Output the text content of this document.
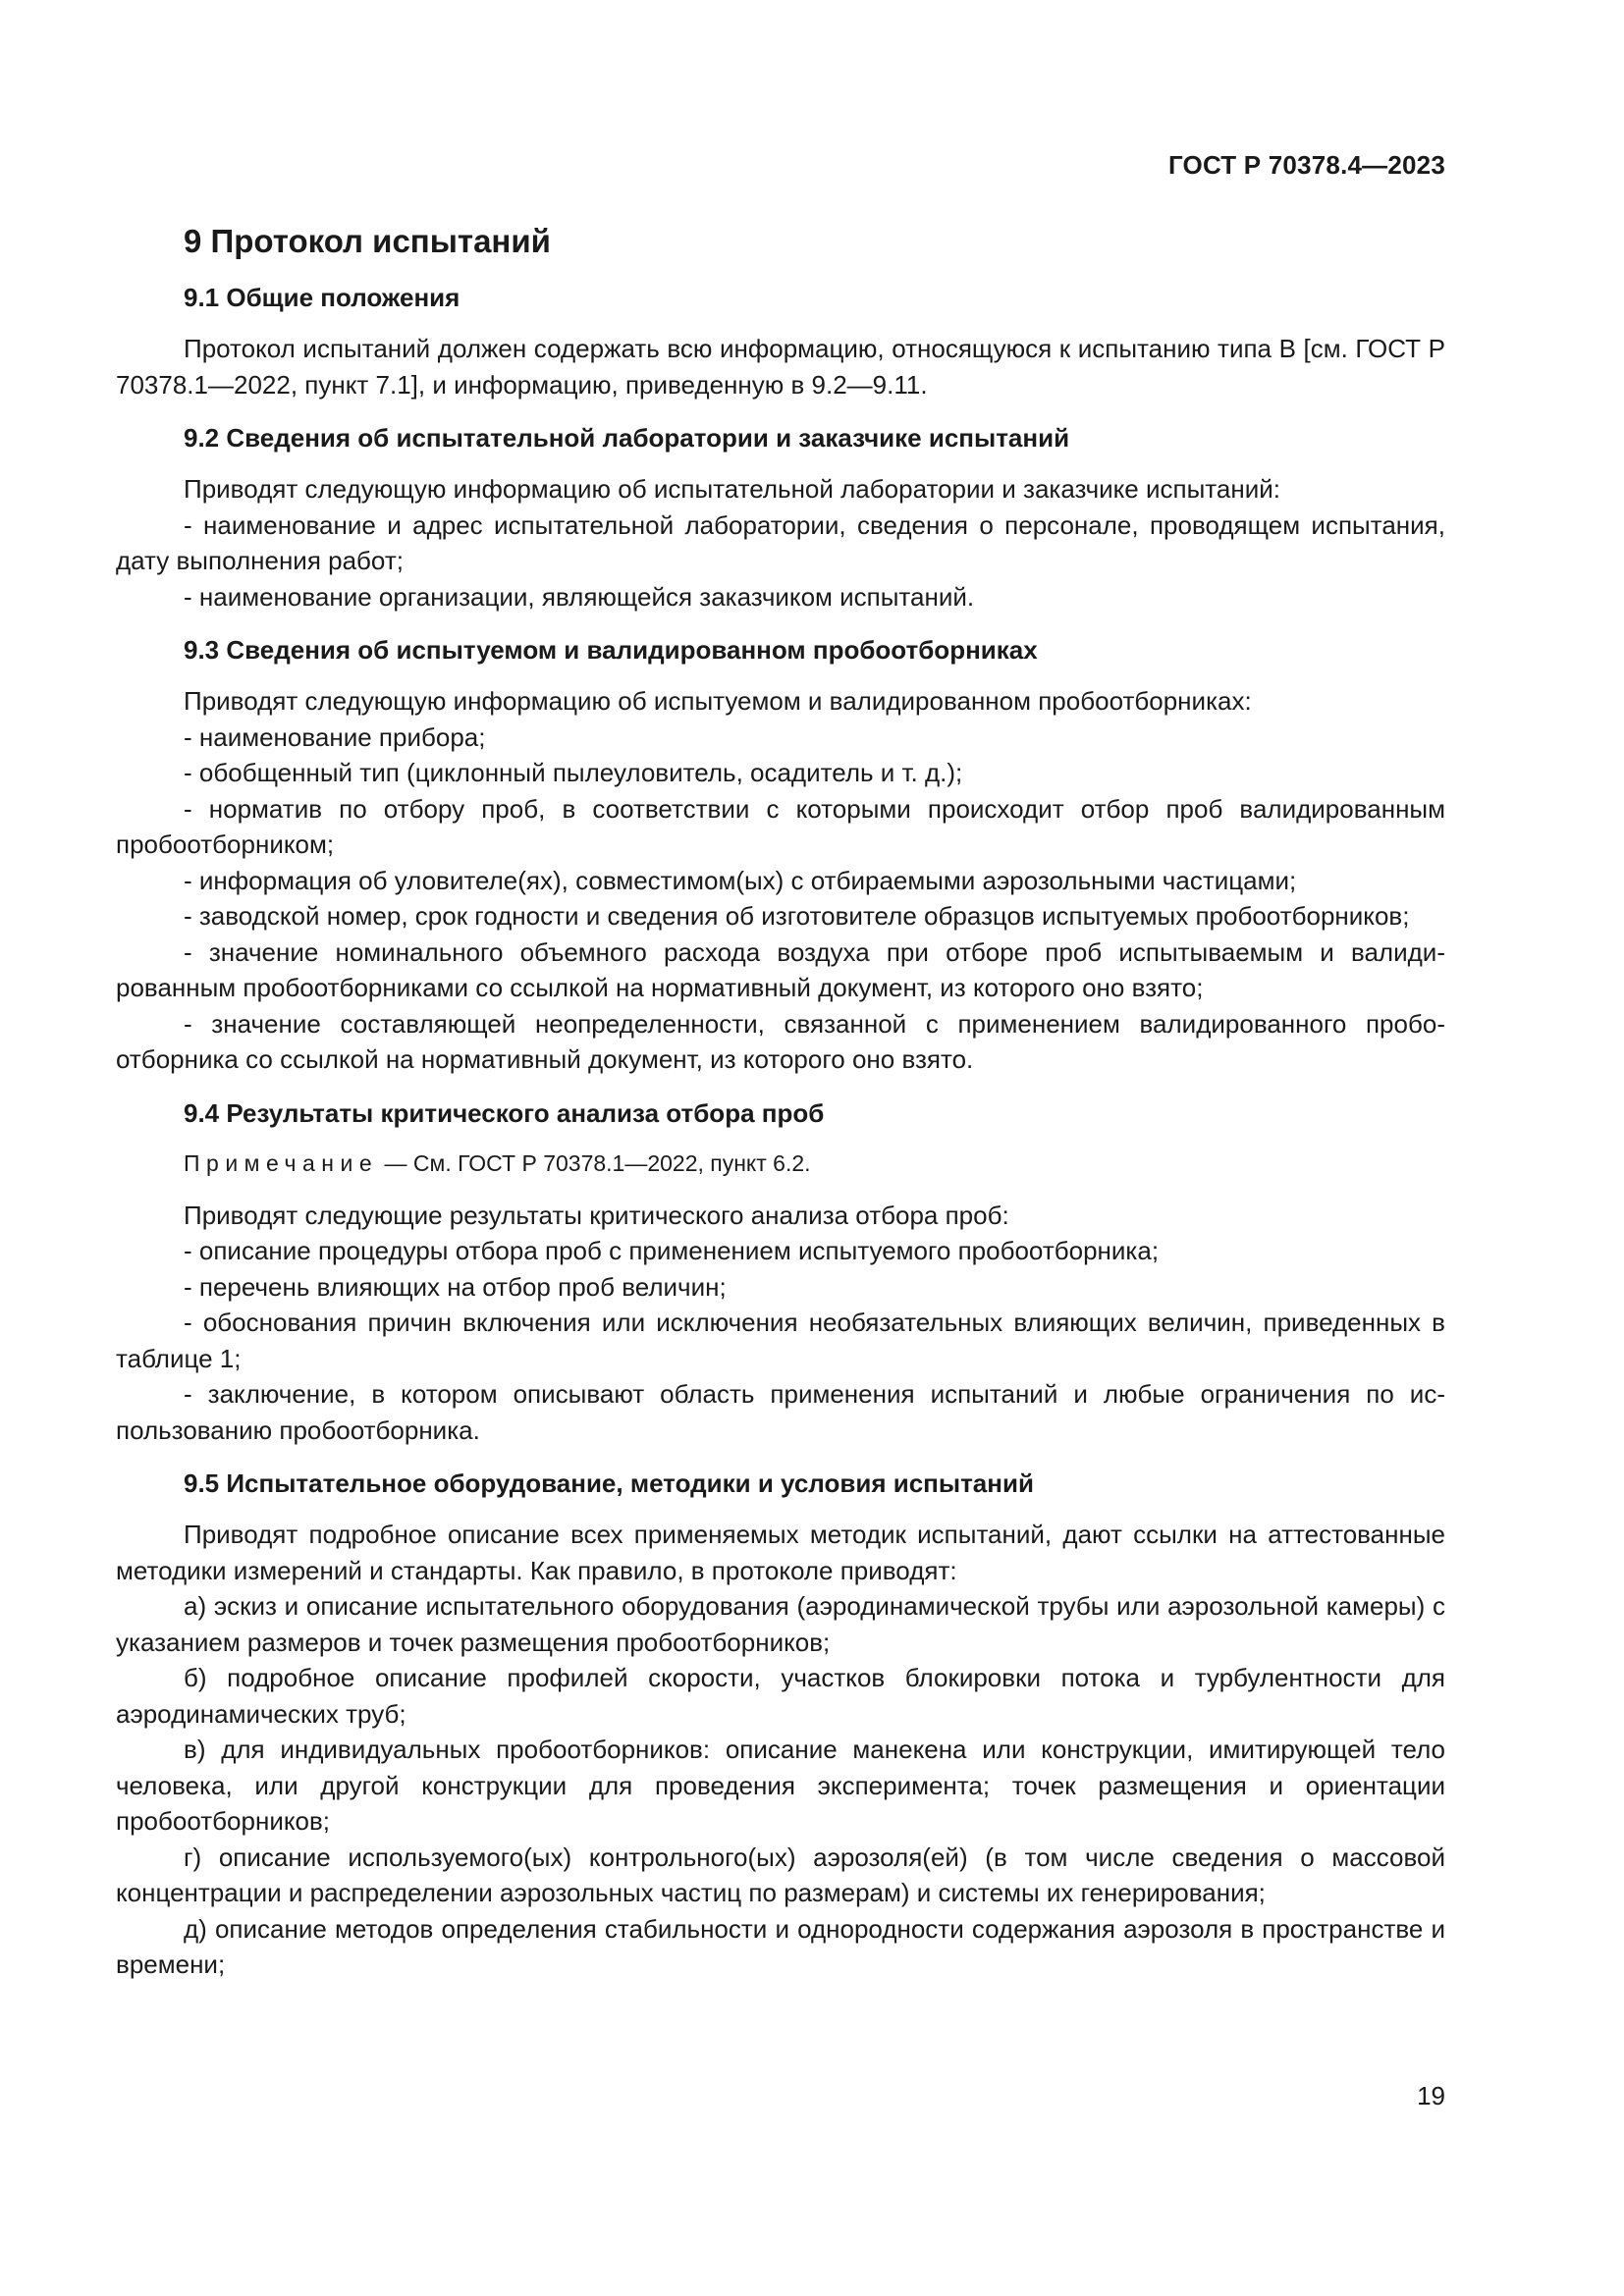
ГОСТ Р 70378.4—2023
9 Протокол испытаний
9.1 Общие положения

Протокол испытаний должен содержать всю информацию, относящуюся к испытанию типа В [см. ГОСТ Р 70378.1—2022, пункт 7.1], и информацию, приведенную в 9.2—9.11.

9.2 Сведения об испытательной лаборатории и заказчике испытаний

Приводят следующую информацию об испытательной лаборатории и заказчике испытаний:

- наименование и адрес испытательной лаборатории, сведения о персонале, проводящем испытания, дату выполнения работ;

- наименование организации, являющейся заказчиком испытаний.

9.3 Сведения об испытуемом и валидированном пробоотборниках

Приводят следующую информацию об испытуемом и валидированном пробоотборниках:

- наименование прибора;

- обобщенный тип (циклонный пылеуловитель, осадитель и т. д.);

- норматив по отбору проб, в соответствии с которыми происходит отбор проб валидированным пробоотборником;

- информация об уловителе(ях), совместимом(ых) с отбираемыми аэрозольными частицами;

- заводской номер, срок годности и сведения об изготовителе образцов испытуемых пробоотборников;

- значение номинального объемного расхода воздуха при отборе проб испытываемым и валидированным пробоотборниками со ссылкой на нормативный документ, из которого оно взято;

- значение составляющей неопределенности, связанной с применением валидированного пробоотборника со ссылкой на нормативный документ, из которого оно взято.

9.4 Результаты критического анализа отбора проб
Примечание — См. ГОСТ Р 70378.1—2022, пункт 6.2.

Приводят следующие результаты критического анализа отбора проб:

- описание процедуры отбора проб с применением испытуемого пробоотборника;

- перечень влияющих на отбор проб величин;

- обоснования причин включения или исключения необязательных влияющих величин, приведенных в таблице 1;

- заключение, в котором описывают область применения испытаний и любые ограничения по использованию пробоотборника.

9.5 Испытательное оборудование, методики и условия испытаний

Приводят подробное описание всех применяемых методик испытаний, дают ссылки на аттестованные методики измерений и стандарты. Как правило, в протоколе приводят:

а) эскиз и описание испытательного оборудования (аэродинамической трубы или аэрозольной камеры) с указанием размеров и точек размещения пробоотборников;

б) подробное описание профилей скорости, участков блокировки потока и турбулентности для аэродинамических труб;

в) для индивидуальных пробоотборников: описание манекена или конструкции, имитирующей тело человека, или другой конструкции для проведения эксперимента; точек размещения и ориентации пробоотборников;

г) описание используемого(ых) контрольного(ых) аэрозоля(ей) (в том числе сведения о массовой концентрации и распределении аэрозольных частиц по размерам) и системы их генерирования;

д) описание методов определения стабильности и однородности содержания аэрозоля в пространстве и времени;

19
